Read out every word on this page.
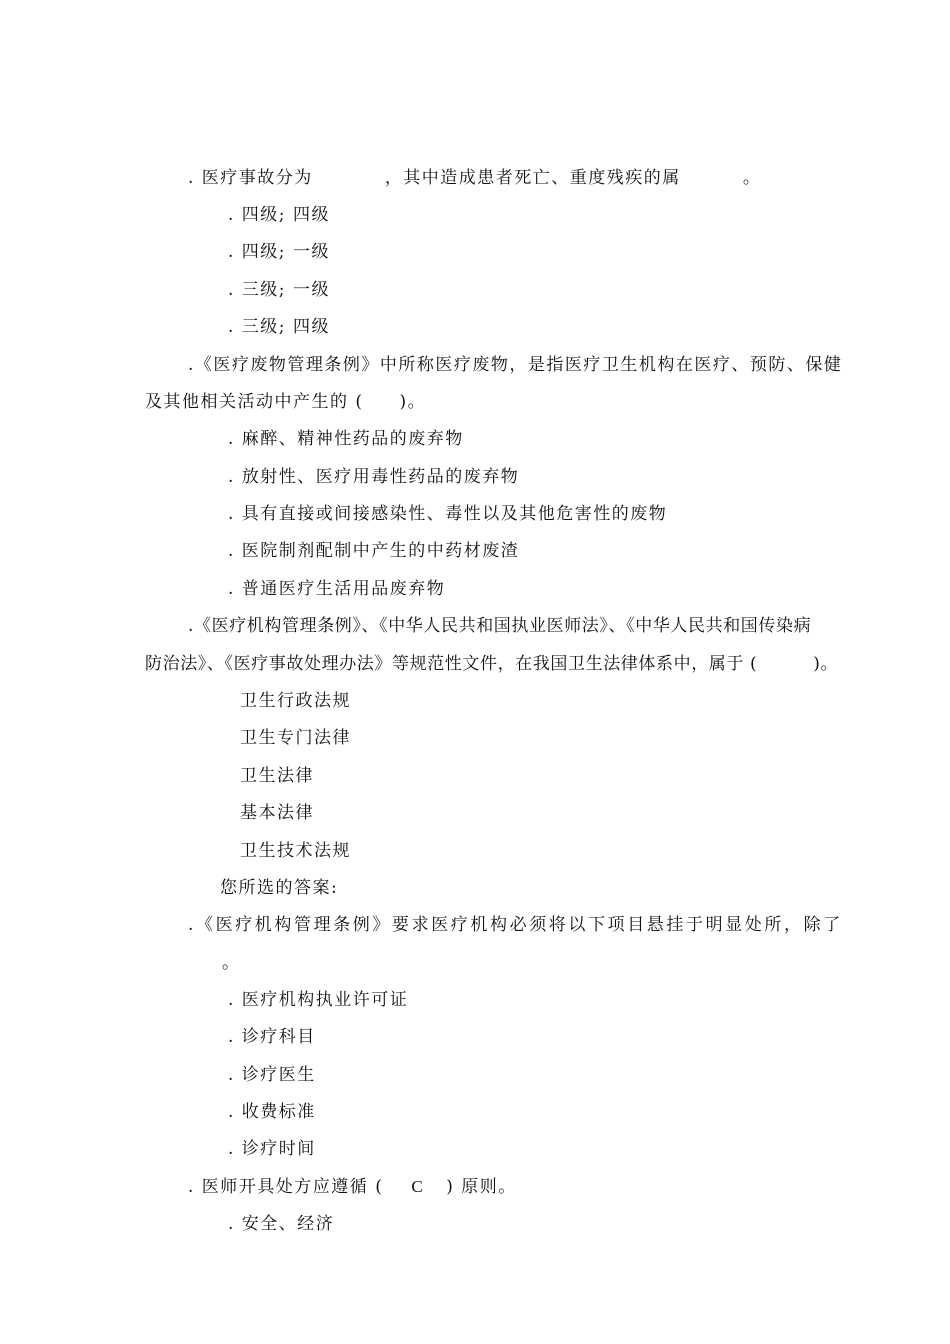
. 医疗事故分为	，其中造成患者死亡、重度残疾的属	。
. 四级; 四级
. 四级; 一级
. 三级; 一级
. 三级; 四级
.《医疗废物管理条例》中所称医疗废物，是指医疗卫生机构在医疗、预防、保健
及其他相关活动中产生的 ( )。
. 麻醉、精神性药品的废弃物
. 放射性、医疗用毒性药品的废弃物
. 具有直接或间接感染性、毒性以及其他危害性的废物
. 医院制剂配制中产生的中药材废渣
. 普通医疗生活用品废弃物
.《医疗机构管理条例》、《中华人民共和国执业医师法》、《中华人民共和国传染病
防治法》、《医疗事故处理办法》等规范性文件，在我国卫生法律体系中，属于 (	)。
卫生行政法规
卫生专门法律
卫生法律
基本法律
卫生技术法规
您所选的答案:
.《医疗机构管理条例》要求医疗机构必须将以下项目悬挂于明显处所，除了
。
. 医疗机构执业许可证
. 诊疗科目
. 诊疗医生
. 收费标准
. 诊疗时间
. 医师开具处方应遵循 ( C ) 原则。
. 安全、经济
